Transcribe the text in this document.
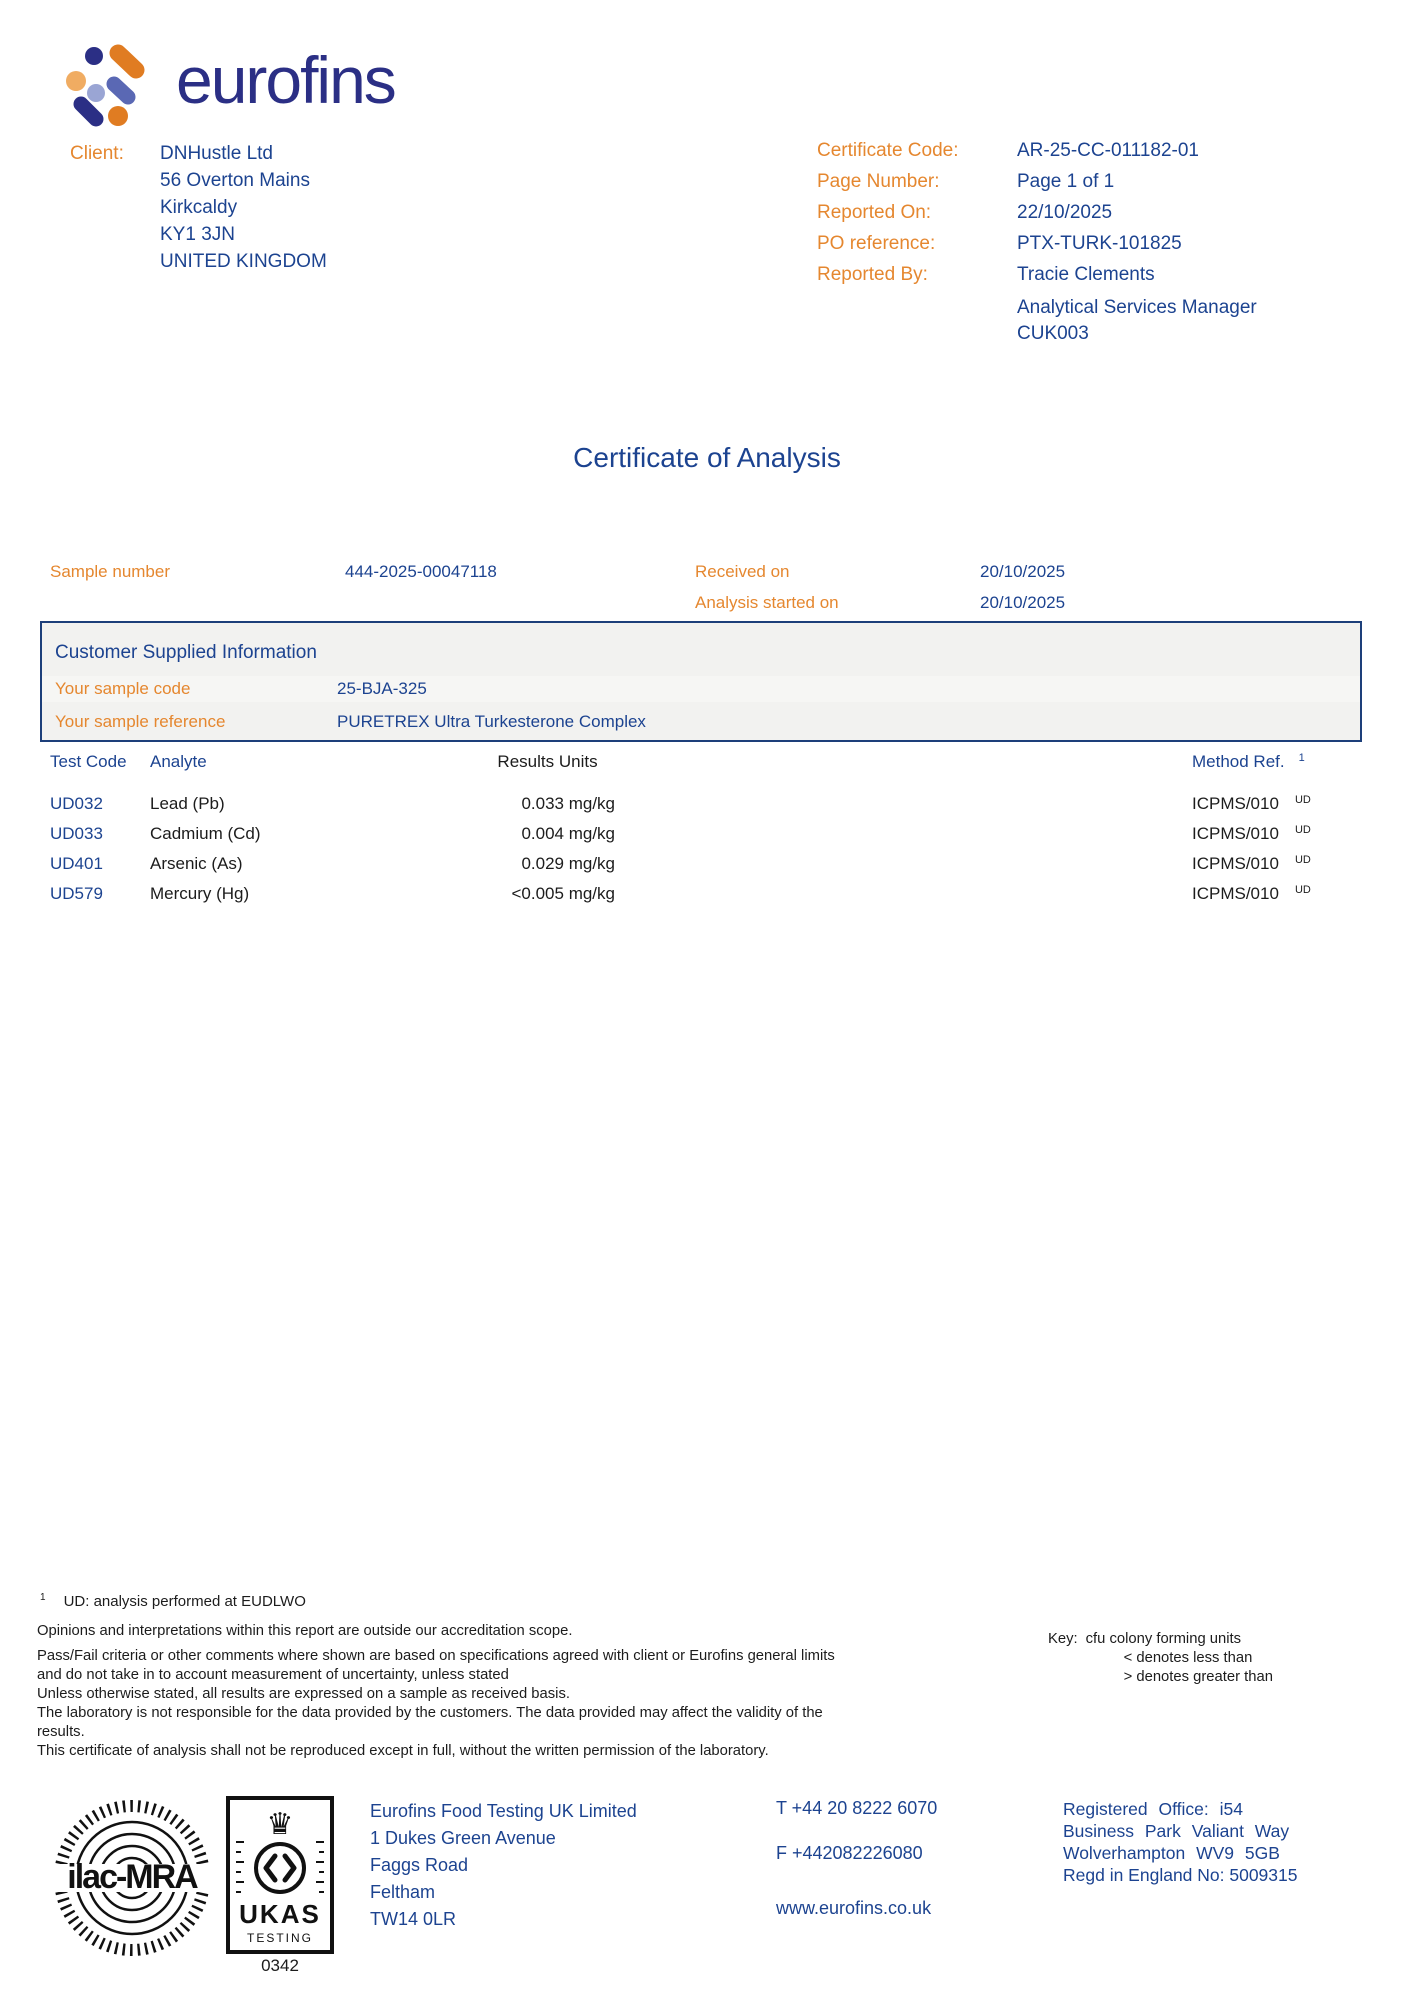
eurofins
Client:	DNHustle Ltd
56 Overton Mains
Kirkcaldy
KY1 3JN
UNITED KINGDOM
Certificate Code:	AR-25-CC-011182-01
Page Number:	Page 1 of 1
Reported On:	22/10/2025
PO reference:	PTX-TURK-101825
Reported By:	Tracie Clements
Analytical Services Manager
CUK003
Certificate of Analysis
Sample number	444-2025-00047118	Received on	20/10/2025
Analysis started on	20/10/2025
Customer Supplied Information
Your sample code	25-BJA-325
Your sample reference	PURETREX Ultra Turkesterone Complex
Test Code	Analyte	Results Units	Method Ref. $^1$
UD032	Lead (Pb)	0.033 mg/kg	ICPMS/010 $^{UD}$
UD033	Cadmium (Cd)	0.004 mg/kg	ICPMS/010 $^{UD}$
UD401	Arsenic (As)	0.029 mg/kg	ICPMS/010 $^{UD}$
UD579	Mercury (Hg)	<0.005 mg/kg	ICPMS/010 $^{UD}$
$^1$ UD: analysis performed at EUDLWO

Opinions and interpretations within this report are outside our accreditation scope.

Pass/Fail criteria or other comments where shown are based on specifications agreed with client or Eurofins general limits and do not take in to account measurement of uncertainty, unless stated

Unless otherwise stated, all results are expressed on a sample as received basis.

The laboratory is not responsible for the data provided by the customers. The data provided may affect the validity of the results.

This certificate of analysis shall not be reproduced except in full, without the written permission of the laboratory.

Key: cfu colony forming units
< denotes less than
> denotes greater than
ilac-MRA
♛
UKAS
TESTING
0342
Eurofins Food Testing UK Limited
1 Dukes Green Avenue
Faggs Road
Feltham
TW14 0LR
T +44 20 8222 6070
F +442082226080
www.eurofins.co.uk
Registered Office: i54
Business Park Valiant Way
Wolverhampton WV9 5GB
Regd in England No: 5009315
